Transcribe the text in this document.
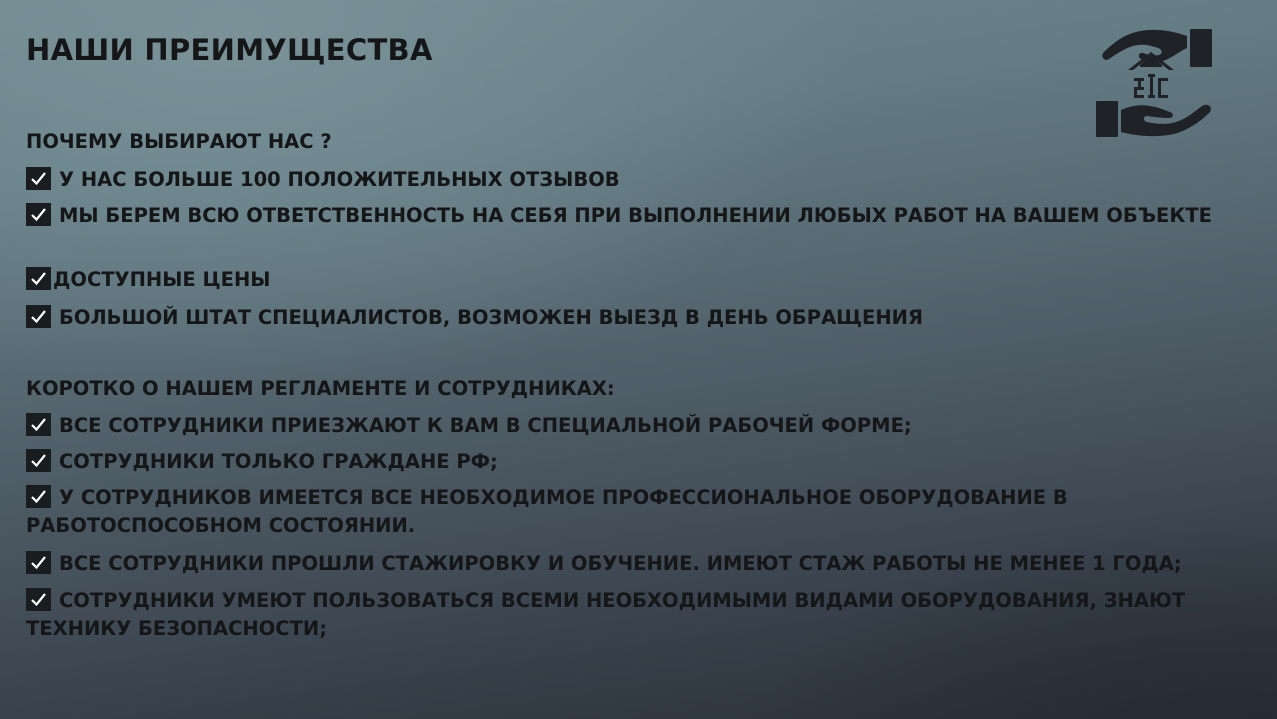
НАШИ ПРЕИМУЩЕСТВА
ПОЧЕМУ ВЫБИРАЮТ НАС ?
У НАС БОЛЬШЕ 100 ПОЛОЖИТЕЛЬНЫХ ОТЗЫВОВ
МЫ БЕРЕМ ВСЮ ОТВЕТСТВЕННОСТЬ НА СЕБЯ ПРИ ВЫПОЛНЕНИИ ЛЮБЫХ РАБОТ НА ВАШЕМ ОБЪЕКТЕ
ДОСТУПНЫЕ ЦЕНЫ
БОЛЬШОЙ ШТАТ СПЕЦИАЛИСТОВ, ВОЗМОЖЕН ВЫЕЗД В ДЕНЬ ОБРАЩЕНИЯ
КОРОТКО О НАШЕМ РЕГЛАМЕНТЕ И СОТРУДНИКАХ:
ВСЕ СОТРУДНИКИ ПРИЕЗЖАЮТ К ВАМ В СПЕЦИАЛЬНОЙ РАБОЧЕЙ ФОРМЕ;
СОТРУДНИКИ ТОЛЬКО ГРАЖДАНЕ РФ;
У СОТРУДНИКОВ ИМЕЕТСЯ ВСЕ НЕОБХОДИМОЕ ПРОФЕССИОНАЛЬНОЕ ОБОРУДОВАНИЕ В РАБОТОСПОСОБНОМ СОСТОЯНИИ.
ВСЕ СОТРУДНИКИ ПРОШЛИ СТАЖИРОВКУ И ОБУЧЕНИЕ. ИМЕЮТ СТАЖ РАБОТЫ НЕ МЕНЕЕ 1 ГОДА;
СОТРУДНИКИ УМЕЮТ ПОЛЬЗОВАТЬСЯ ВСЕМИ НЕОБХОДИМЫМИ ВИДАМИ ОБОРУДОВАНИЯ, ЗНАЮТ ТЕХНИКУ БЕЗОПАСНОСТИ;
